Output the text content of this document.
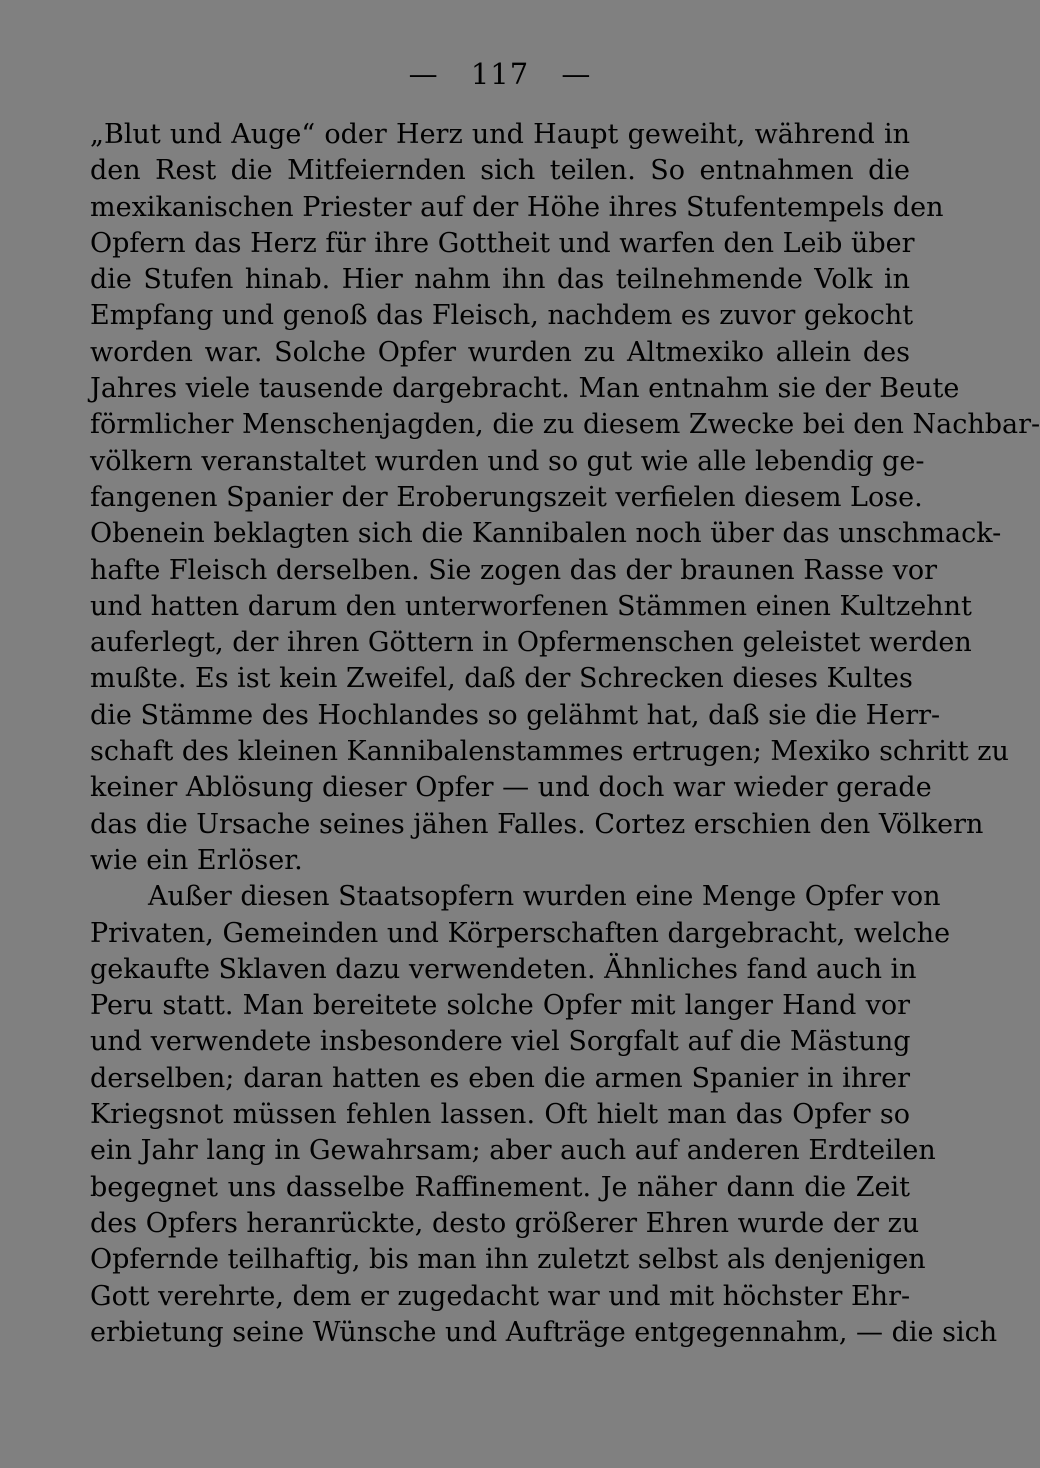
— 117 —
„Blut und Auge“ oder Herz und Haupt geweiht, während in
den Rest die Mitfeiernden sich teilen. So entnahmen die
mexikanischen Priester auf der Höhe ihres Stufentempels den
Opfern das Herz für ihre Gottheit und warfen den Leib über
die Stufen hinab. Hier nahm ihn das teilnehmende Volk in
Empfang und genoß das Fleisch, nachdem es zuvor gekocht
worden war. Solche Opfer wurden zu Altmexiko allein des
Jahres viele tausende dargebracht. Man entnahm sie der Beute
förmlicher Menschenjagden, die zu diesem Zwecke bei den Nachbar-
völkern veranstaltet wurden und so gut wie alle lebendig ge-
fangenen Spanier der Eroberungszeit verfielen diesem Lose.
Obenein beklagten sich die Kannibalen noch über das unschmack-
hafte Fleisch derselben. Sie zogen das der braunen Rasse vor
und hatten darum den unterworfenen Stämmen einen Kultzehnt
auferlegt, der ihren Göttern in Opfermenschen geleistet werden
mußte. Es ist kein Zweifel, daß der Schrecken dieses Kultes
die Stämme des Hochlandes so gelähmt hat, daß sie die Herr-
schaft des kleinen Kannibalenstammes ertrugen; Mexiko schritt zu
keiner Ablösung dieser Opfer — und doch war wieder gerade
das die Ursache seines jähen Falles. Cortez erschien den Völkern
wie ein Erlöser.
Außer diesen Staatsopfern wurden eine Menge Opfer von
Privaten, Gemeinden und Körperschaften dargebracht, welche
gekaufte Sklaven dazu verwendeten. Ähnliches fand auch in
Peru statt. Man bereitete solche Opfer mit langer Hand vor
und verwendete insbesondere viel Sorgfalt auf die Mästung
derselben; daran hatten es eben die armen Spanier in ihrer
Kriegsnot müssen fehlen lassen. Oft hielt man das Opfer so
ein Jahr lang in Gewahrsam; aber auch auf anderen Erdteilen
begegnet uns dasselbe Raffinement. Je näher dann die Zeit
des Opfers heranrückte, desto größerer Ehren wurde der zu
Opfernde teilhaftig, bis man ihn zuletzt selbst als denjenigen
Gott verehrte, dem er zugedacht war und mit höchster Ehr-
erbietung seine Wünsche und Aufträge entgegennahm, — die sich
